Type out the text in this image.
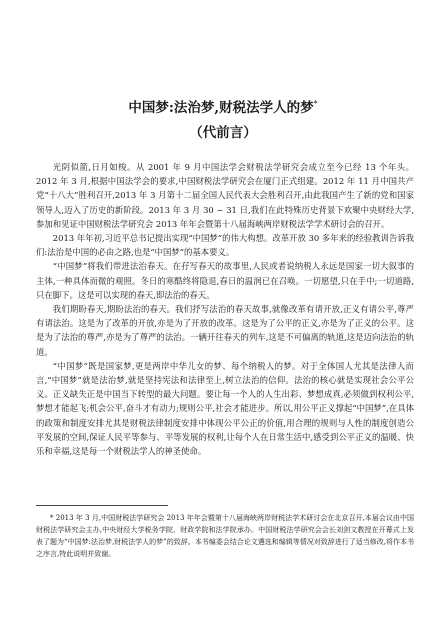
中国梦:法治梦,财税法学人的梦*
（代前言）

光阴似箭,日月如梭。从 2001 年 9 月中国法学会财税法学研究会成立至今已经 13 个年头。2012 年 3 月,根据中国法学会的要求,中国财税法学研究会在厦门正式组建。2012 年 11 月中国共产党“十八大”胜利召开,2013 年 3 月第十二届全国人民代表大会胜利召开,由此我国产生了新的党和国家领导人,迈入了历史的新阶段。2013 年 3 月 30 ~ 31 日,我们在此特殊历史背景下欢聚中央财经大学,参加和见证中国财税法学研究会 2013 年年会暨第十八届海峡两岸财税法学学术研讨会的召开。

2013 年年初,习近平总书记提出实现“中国梦”的伟大构想。改革开放 30 多年来的经验教训告诉我们:法治是中国的必由之路,也是“中国梦”的基本要义。

“中国梦”将我们带进法治春天。在孖写春天的故事里,人民或者说纳税人永远是国家一切大叙事的主体,一种具体而微的观照。冬日的寒酷终将隐退,春日的温润已在召唤。一切愿望,只在手中;一切道路,只在脚下。这是可以实现的春天,即法治的春天。

我们期盼春天,期盼法治的春天。我们抒写法治的春天故事,就像改革有请开放,正义有请公平,尊严有请法治。这是为了改革的开放,亦是为了开放的改革。这是为了公平的正义,亦是为了正义的公平。这是为了法治的尊严,亦是为了尊严的法治。一辆开往春天的列车,这是不可偏离的轨道,这是迈向法治的轨道。

“中国梦”既是国家梦,更是两岸中华儿女的梦、每个纳税人的梦。对于全体国人尤其是法律人而言,“中国梦”就是法治梦,就是坚持宪法和法律至上,树立法治的信仰。法治的核心就是实现社会公平公义。正义缺失正是中国当下转型的最大问题。要让每一个人的人生出彩、梦想成真,必须做到权利公平,梦想才能起飞;机会公平,奋斗才有动力;规则公平,社会才能进步。所以,用公平正义撑起“中国梦”,在具体的政策和制度安排尤其是财税法律制度安排中体现公平公正的价值,用合理的规则与人性的制度创造公平发展的空间,保证人民平等参与、平等发展的权利,让每个人在日常生活中,感受到公平正义的温暖、快乐和幸福,这是每一个财税法学人的神圣使命。

* 2013 年 3 月,中国财税法学研究会 2013 年年会暨第十八届海峡两岸财税法学术研讨会在北京召开,本届会议由中国财税法学研究会主办,中央财经大学税务学院、财政学院和法学院承办。中国财税法学研究会会长刘剑文教授在开幕式上发表了题为“中国梦:法治梦,财税法学人的梦”的致辞。本书编委会结合论文遴选和编辑等情况对致辞进行了适当修改,将作本书之序言,特此说明并致谢。
